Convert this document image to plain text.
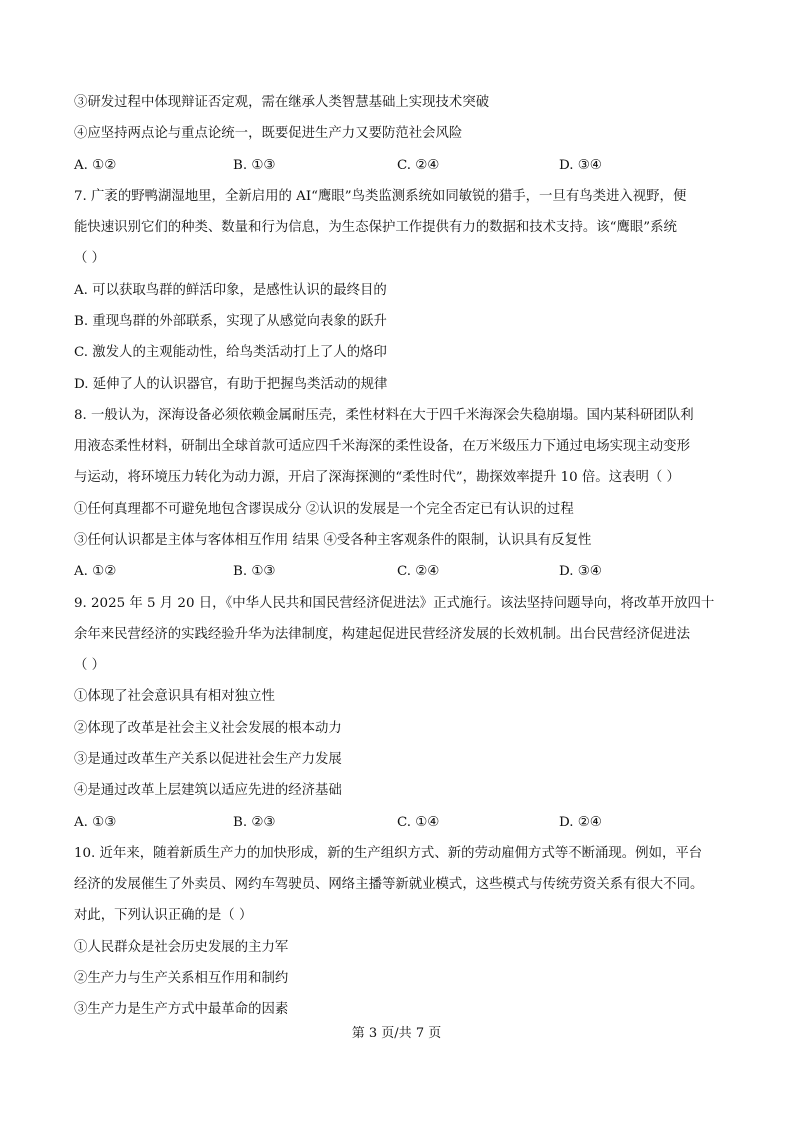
③研发过程中体现辩证否定观，需在继承人类智慧基础上实现技术突破
④应坚持两点论与重点论统一，既要促进生产力又要防范社会风险
A. ①②	B. ①③	C. ②④	D. ③④
7. 广袤的野鸭湖湿地里，全新启用的 AI“鹰眼”鸟类监测系统如同敏锐的猎手，一旦有鸟类进入视野，便
能快速识别它们的种类、数量和行为信息，为生态保护工作提供有力的数据和技术支持。该“鹰眼”系统
（ ）
A. 可以获取鸟群的鲜活印象，是感性认识的最终目的
B. 重现鸟群的外部联系，实现了从感觉向表象的跃升
C. 激发人的主观能动性，给鸟类活动打上了人的烙印
D. 延伸了人的认识器官，有助于把握鸟类活动的规律
8. 一般认为，深海设备必须依赖金属耐压壳，柔性材料在大于四千米海深会失稳崩塌。国内某科研团队利
用液态柔性材料，研制出全球首款可适应四千米海深的柔性设备，在万米级压力下通过电场实现主动变形
与运动，将环境压力转化为动力源，开启了深海探测的“柔性时代”，勘探效率提升 10 倍。这表明（ ）
①任何真理都不可避免地包含谬误成分 ②认识的发展是一个完全否定已有认识的过程
③任何认识都是主体与客体相互作用 结果 ④受各种主客观条件的限制，认识具有反复性
A. ①②	B. ①③	C. ②④	D. ③④
9. 2025 年 5 月 20 日，《中华人民共和国民营经济促进法》正式施行。该法坚持问题导向，将改革开放四十
余年来民营经济的实践经验升华为法律制度，构建起促进民营经济发展的长效机制。出台民营经济促进法
（ ）
①体现了社会意识具有相对独立性
②体现了改革是社会主义社会发展的根本动力
③是通过改革生产关系以促进社会生产力发展
④是通过改革上层建筑以适应先进的经济基础
A. ①③	B. ②③	C. ①④	D. ②④
10. 近年来，随着新质生产力的加快形成，新的生产组织方式、新的劳动雇佣方式等不断涌现。例如，平台
经济的发展催生了外卖员、网约车驾驶员、网络主播等新就业模式，这些模式与传统劳资关系有很大不同。
对此，下列认识正确的是（ ）
①人民群众是社会历史发展的主力军
②生产力与生产关系相互作用和制约
③生产力是生产方式中最革命的因素
第 3 页/共 7 页
